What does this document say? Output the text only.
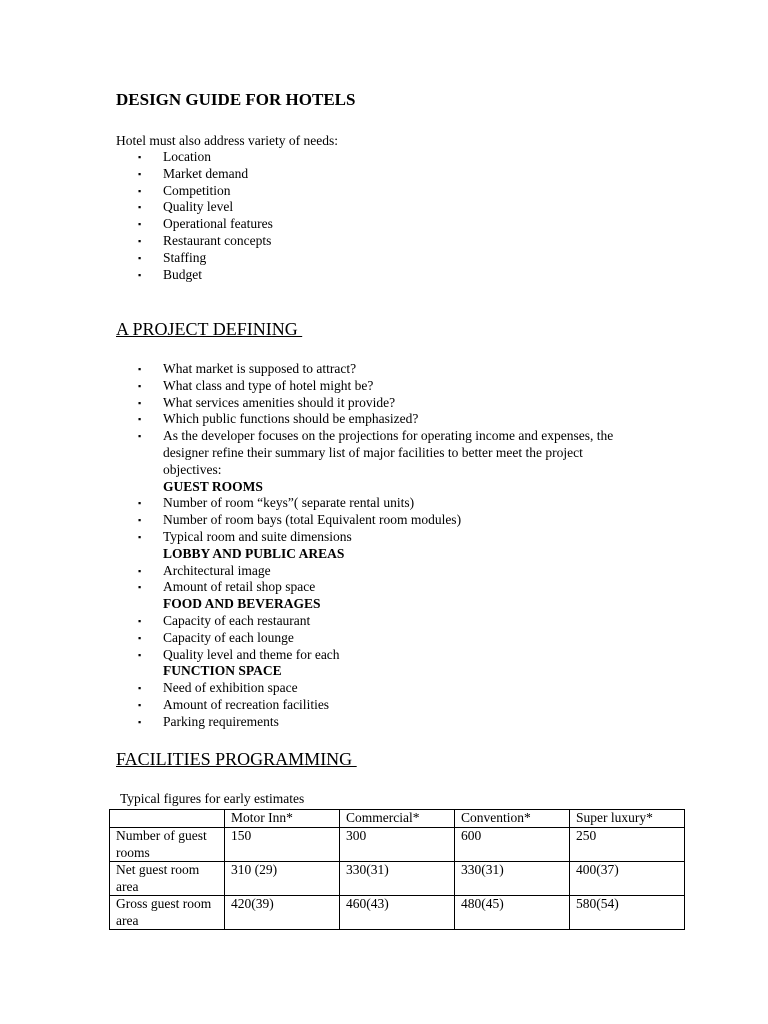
DESIGN GUIDE FOR HOTELS
Hotel must also address variety of needs:
▪ Location
▪ Market demand
▪ Competition
▪ Quality level
▪ Operational features
▪ Restaurant concepts
▪ Staffing
▪ Budget
A PROJECT DEFINING
▪ What market is supposed to attract?
▪ What class and type of hotel might be?
▪ What services amenities should it provide?
▪ Which public functions should be emphasized?
▪ As the developer focuses on the projections for operating income and expenses, the designer refine their summary list of major facilities to better meet the project objectives:
GUEST ROOMS
▪ Number of room “keys”( separate rental units)
▪ Number of room bays (total Equivalent room modules)
▪ Typical room and suite dimensions
LOBBY AND PUBLIC AREAS
▪ Architectural image
▪ Amount of retail shop space
FOOD AND BEVERAGES
▪ Capacity of each restaurant
▪ Capacity of each lounge
▪ Quality level and theme for each
FUNCTION SPACE
▪ Need of exhibition space
▪ Amount of recreation facilities
▪ Parking requirements
FACILITIES PROGRAMMING
Typical figures for early estimates
	Motor Inn*	Commercial*	Convention*	Super luxury*
Number of guest rooms	150	300	600	250
Net guest room area	310 (29)	330(31)	330(31)	400(37)
Gross guest room area	420(39)	460(43)	480(45)	580(54)
